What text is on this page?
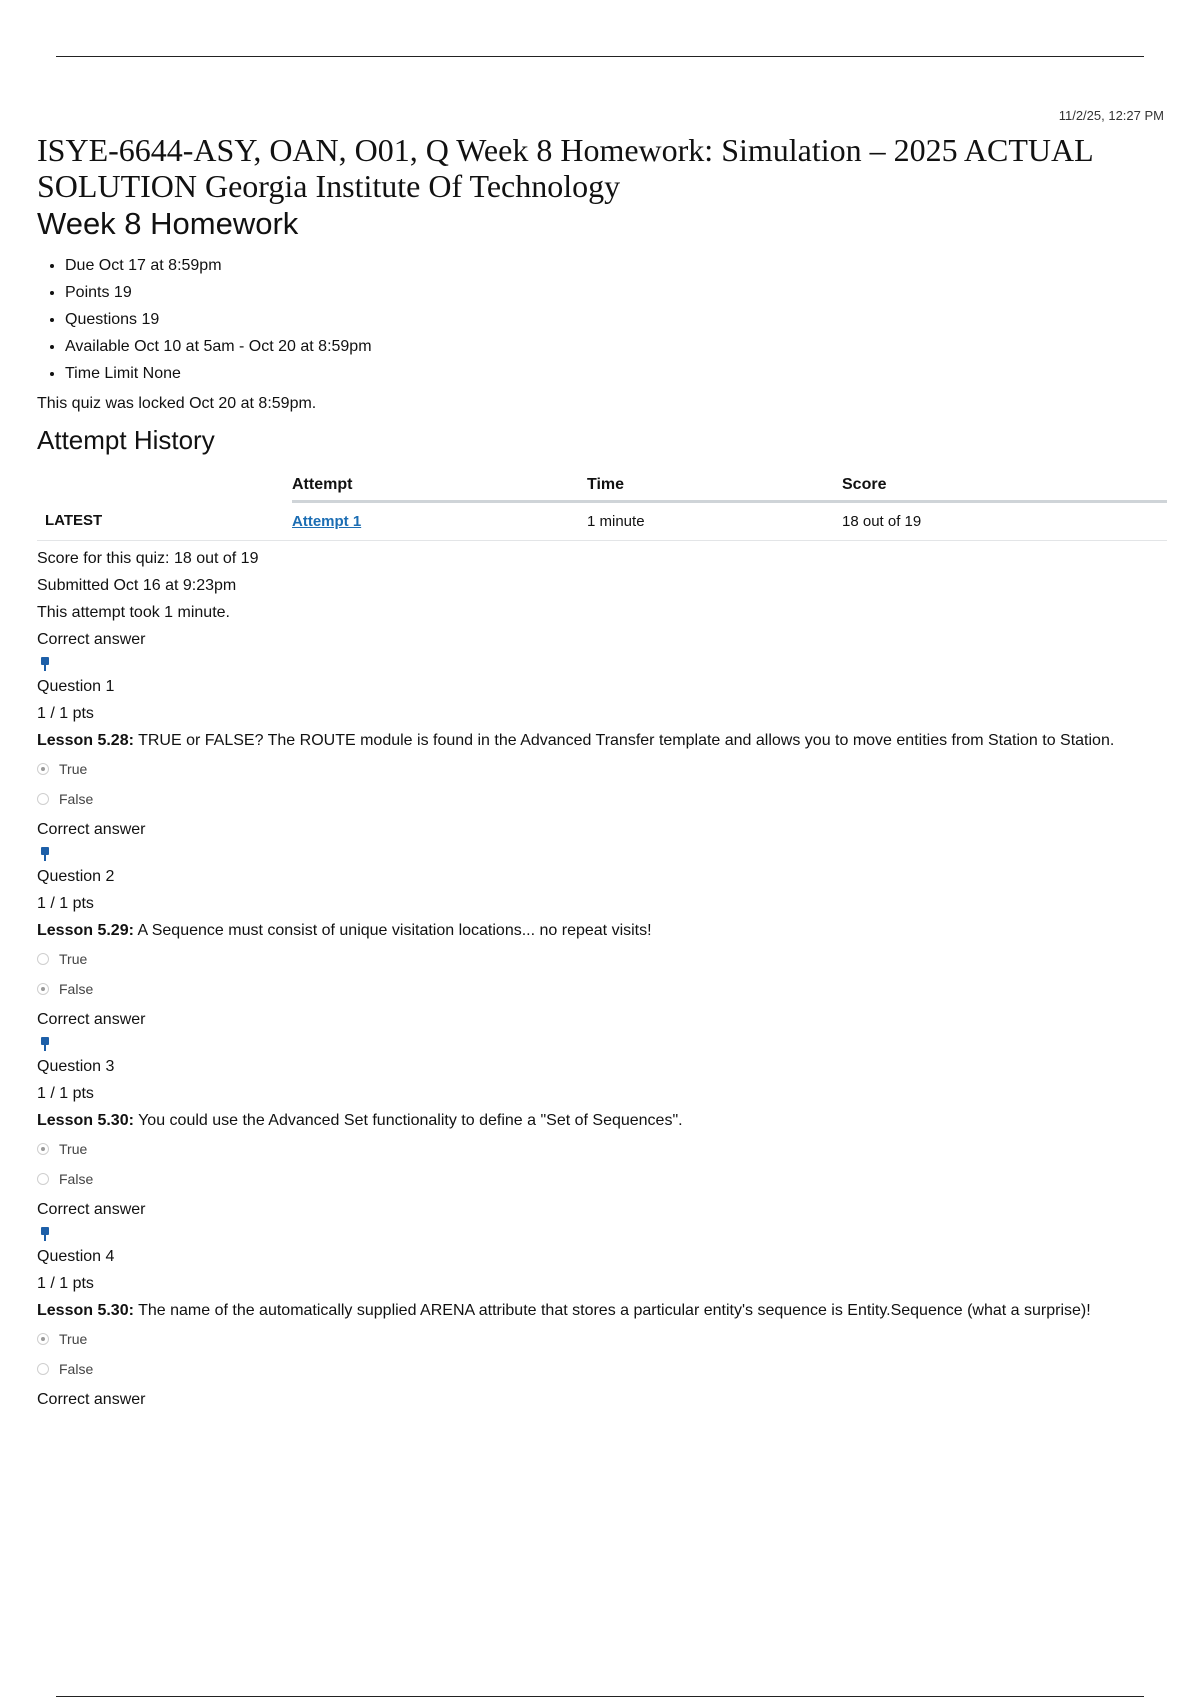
11/2/25, 12:27 PM
ISYE-6644-ASY, OAN, O01, Q Week 8 Homework: Simulation – 2025 ACTUAL SOLUTION Georgia Institute Of Technology
Week 8 Homework
• Due Oct 17 at 8:59pm
• Points 19
• Questions 19
• Available Oct 10 at 5am - Oct 20 at 8:59pm
• Time Limit None
This quiz was locked Oct 20 at 8:59pm.
Attempt History
	Attempt	Time	Score
LATEST	Attempt 1	1 minute	18 out of 19
Score for this quiz: 18 out of 19
Submitted Oct 16 at 9:23pm
This attempt took 1 minute.
Correct answer
Question 1
1 / 1 pts

Lesson 5.28: TRUE or FALSE? The ROUTE module is found in the Advanced Transfer template and allows you to move entities from Station to Station.

True
False
Correct answer
Question 2
1 / 1 pts

Lesson 5.29: A Sequence must consist of unique visitation locations... no repeat visits!

True
False
Correct answer
Question 3
1 / 1 pts

Lesson 5.30: You could use the Advanced Set functionality to define a "Set of Sequences".

True
False
Correct answer
Question 4
1 / 1 pts

Lesson 5.30: The name of the automatically supplied ARENA attribute that stores a particular entity's sequence is Entity.Sequence (what a surprise)!

True
False
Correct answer
